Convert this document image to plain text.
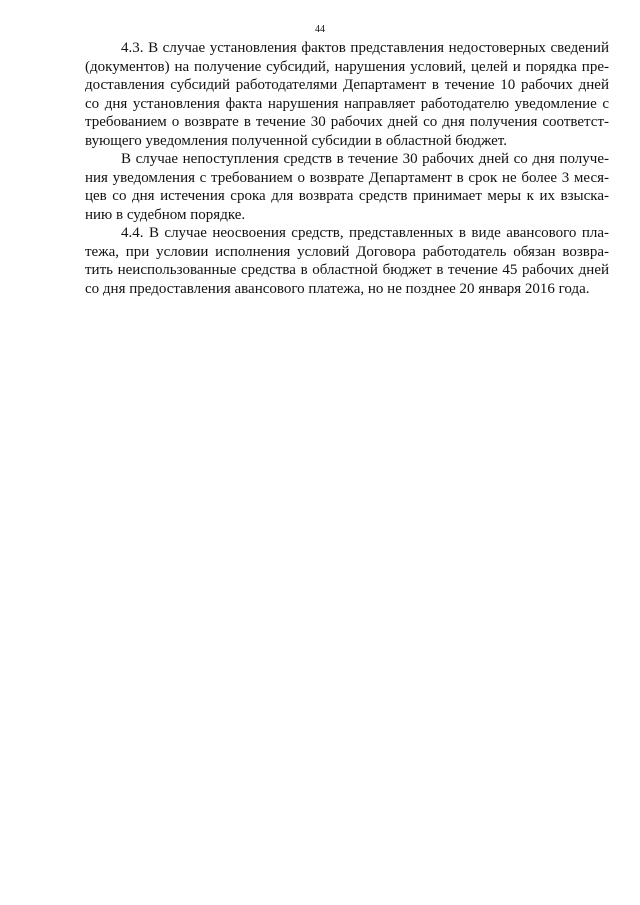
44
4.3. В случае установления фактов представления недостоверных сведений
(документов) на получение субсидий, нарушения условий, целей и порядка пре-
доставления субсидий работодателями Департамент в течение 10 рабочих дней
со дня установления факта нарушения направляет работодателю уведомление с
требованием о возврате в течение 30 рабочих дней со дня получения соответст-
вующего уведомления полученной субсидии в областной бюджет.
В случае непоступления средств в течение 30 рабочих дней со дня получе-
ния уведомления с требованием о возврате Департамент в срок не более 3 меся-
цев со дня истечения срока для возврата средств принимает меры к их взыска-
нию в судебном порядке.
4.4. В случае неосвоения средств, представленных в виде авансового пла-
тежа, при условии исполнения условий Договора работодатель обязан возвра-
тить неиспользованные средства в областной бюджет в течение 45 рабочих дней
со дня предоставления авансового платежа, но не позднее 20 января 2016 года.
